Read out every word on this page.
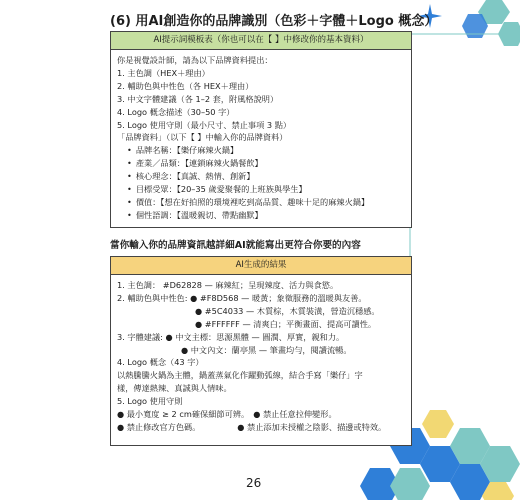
(6) 用AI創造你的品牌識別（色彩＋字體＋Logo 概念）
AI提示詞模板表（你也可以在【 】中修改你的基本資料）
你是視覺設計師，請為以下品牌資料提出：
1. 主色調（HEX＋理由）
2. 輔助色與中性色（各 HEX＋理由）
3. 中文字體建議（各 1–2 套，附風格說明）
4. Logo 概念描述（30–50 字）
5. Logo 使用守則（最小尺寸、禁止事項 3 點）
「品牌資料」（以下【 】中輸入你的品牌資料）
• 品牌名稱：【樂仔麻辣火鍋】
• 產業／品類：【連鎖麻辣火鍋餐飲】
• 核心理念：【真誠、熱情、創新】
• 目標受眾：【20–35 歲愛聚餐的上班族與學生】
• 價值：【想在好拍照的環境裡吃到高品質、趣味十足的麻辣火鍋】
• 個性語調：【溫暖親切、帶點幽默】
當你輸入你的品牌資訊越詳細AI就能寫出更符合你要的內容
AI生成的結果
1. 主色調： #D62828 — 麻辣紅；呈現辣度、活力與食慾。
2. 輔助色與中性色: ● #F8D568 — 暖黃；象徵服務的溫暖與友善。
● #5C4033 — 木質棕，木質裝潢，營造沉穩感。
● #FFFFFF — 清爽白；平衡畫面、提高可讀性。
3. 字體建議: ● 中文主標：思源黑體 — 圓潤、厚實，親和力。
● 中文內文：蘭亭黑 — 筆畫均勻，閱讀流暢。
4. Logo 概念（43 字）
以熱騰騰火鍋為主體，鍋蓋蒸氣化作躍動弧線，結合手寫「樂仔」字
樣，傳達熱辣、真誠與人情味。
5. Logo 使用守則
● 最小寬度 ≥ 2 cm確保細節可辨。　● 禁止任意拉伸變形。
● 禁止修改官方色碼。　　　　　● 禁止添加未授權之陰影、描邊或特效。
26
